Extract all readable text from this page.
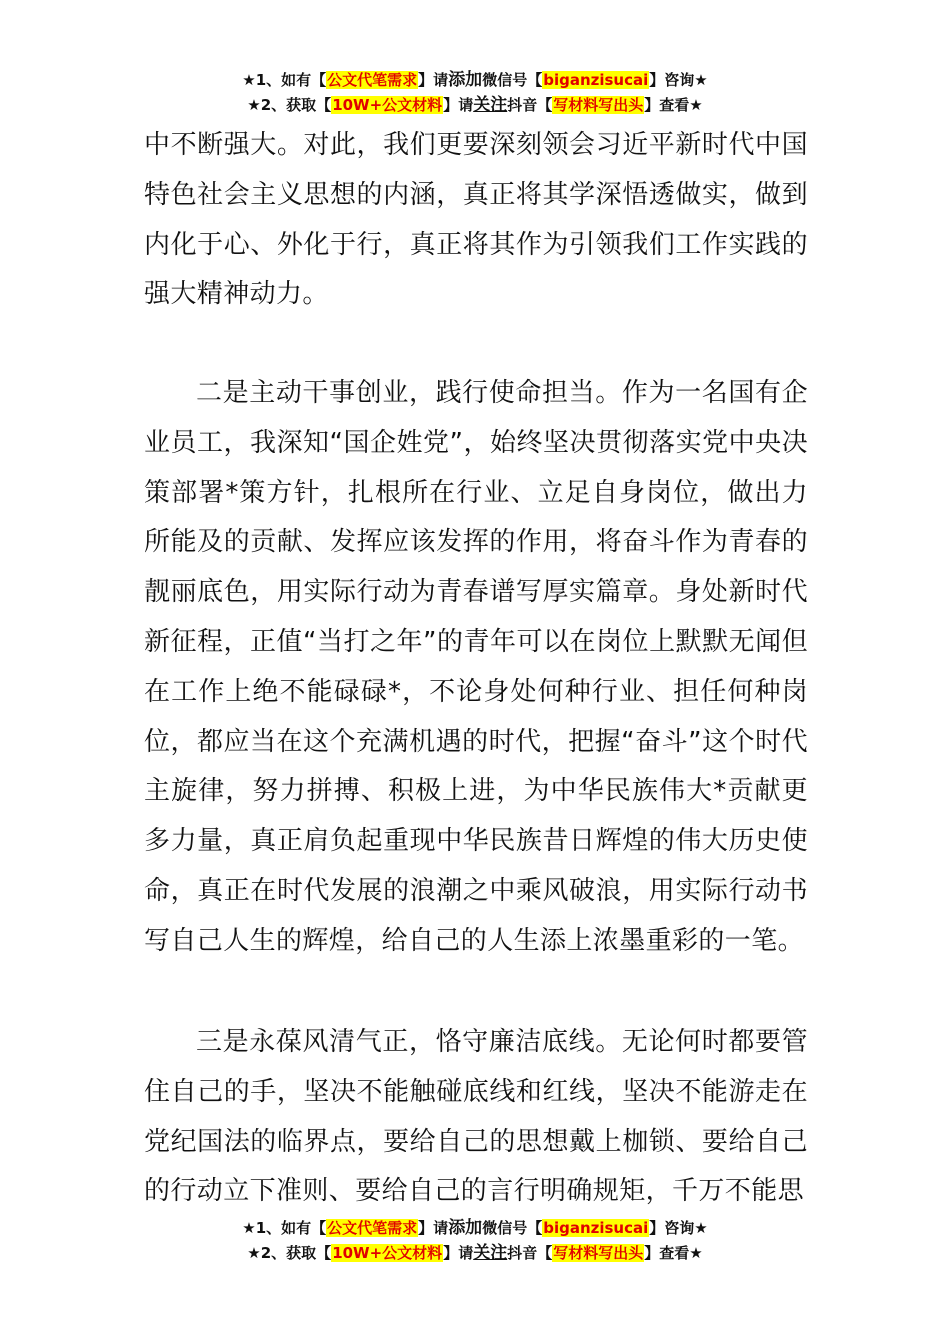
★1、如有【公文代笔需求】请添加微信号【biganzisucai】咨询★
★2、获取【10W+公文材料】请关注抖音【写材料写出头】查看★

中不断强大。对此，我们更要深刻领会习近平新时代中国特色社会主义思想的内涵，真正将其学深悟透做实，做到内化于心、外化于行，真正将其作为引领我们工作实践的强大精神动力。

二是主动干事创业，践行使命担当。作为一名国有企业员工，我深知“国企姓党”，始终坚决贯彻落实党中央决策部署*策方针，扎根所在行业、立足自身岗位，做出力所能及的贡献、发挥应该发挥的作用，将奋斗作为青春的靓丽底色，用实际行动为青春谱写厚实篇章。身处新时代新征程，正值“当打之年”的青年可以在岗位上默默无闻但在工作上绝不能碌碌*，不论身处何种行业、担任何种岗位，都应当在这个充满机遇的时代，把握“奋斗”这个时代主旋律，努力拼搏、积极上进，为中华民族伟大*贡献更多力量，真正肩负起重现中华民族昔日辉煌的伟大历史使命，真正在时代发展的浪潮之中乘风破浪，用实际行动书写自己人生的辉煌，给自己的人生添上浓墨重彩的一笔。

三是永葆风清气正，恪守廉洁底线。无论何时都要管住自己的手，坚决不能触碰底线和红线，坚决不能游走在党纪国法的临界点，要给自己的思想戴上枷锁、要给自己的行动立下准则、要给自己的言行明确规矩，千万不能思

★1、如有【公文代笔需求】请添加微信号【biganzisucai】咨询★
★2、获取【10W+公文材料】请关注抖音【写材料写出头】查看★
